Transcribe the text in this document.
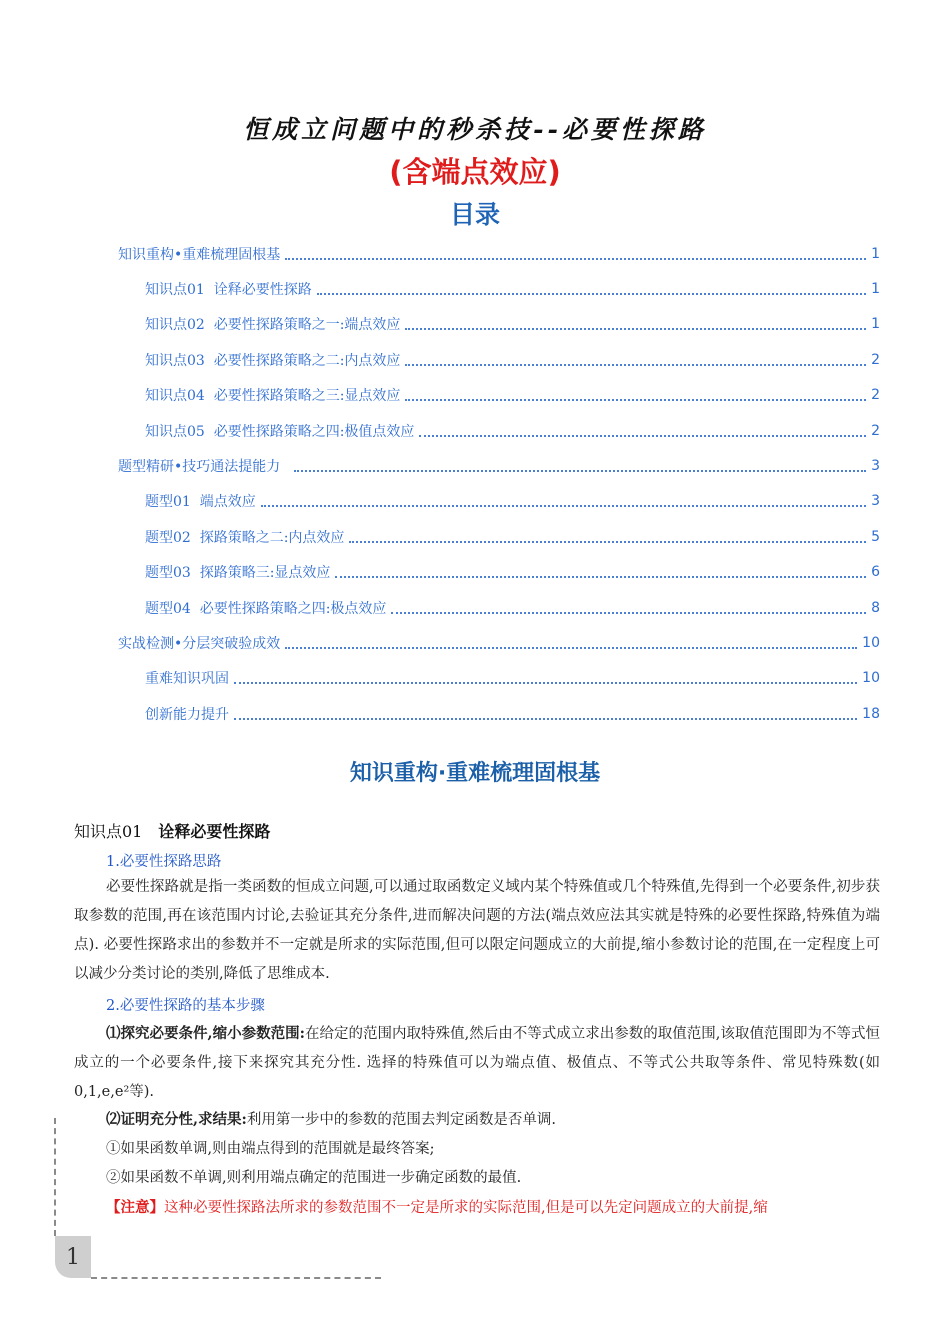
恒成立问题中的秒杀技--必要性探路
(含端点效应)
目录
知识重构•重难梳理固根基	1
知识点01  诠释必要性探路	1
知识点02  必要性探路策略之一:端点效应	1
知识点03  必要性探路策略之二:内点效应	2
知识点04  必要性探路策略之三:显点效应	2
知识点05  必要性探路策略之四:极值点效应	2
题型精研•技巧通法提能力	3
题型01  端点效应	3
题型02  探路策略之二:内点效应	5
题型03  探路策略三:显点效应	6
题型04  必要性探路策略之四:极点效应	8
实战检测•分层突破验成效	10
重难知识巩固	10
创新能力提升	18
知识重构·重难梳理固根基
知识点01 诠释必要性探路
1.必要性探路思路
必要性探路就是指一类函数的恒成立问题,可以通过取函数定义域内某个特殊值或几个特殊值,先得到一个必要条件,初步获取参数的范围,再在该范围内讨论,去验证其充分条件,进而解决问题的方法(端点效应法其实就是特殊的必要性探路,特殊值为端点). 必要性探路求出的参数并不一定就是所求的实际范围,但可以限定问题成立的大前提,缩小参数讨论的范围,在一定程度上可以减少分类讨论的类别,降低了思维成本.
2.必要性探路的基本步骤
⑴探究必要条件,缩小参数范围:在给定的范围内取特殊值,然后由不等式成立求出参数的取值范围,该取值范围即为不等式恒成立的一个必要条件,接下来探究其充分性. 选择的特殊值可以为端点值、极值点、不等式公共取等条件、常见特殊数(如0,1,e,e²等).
⑵证明充分性,求结果:利用第一步中的参数的范围去判定函数是否单调.
①如果函数单调,则由端点得到的范围就是最终答案;
②如果函数不单调,则利用端点确定的范围进一步确定函数的最值.
【注意】这种必要性探路法所求的参数范围不一定是所求的实际范围,但是可以先定问题成立的大前提,缩
1
